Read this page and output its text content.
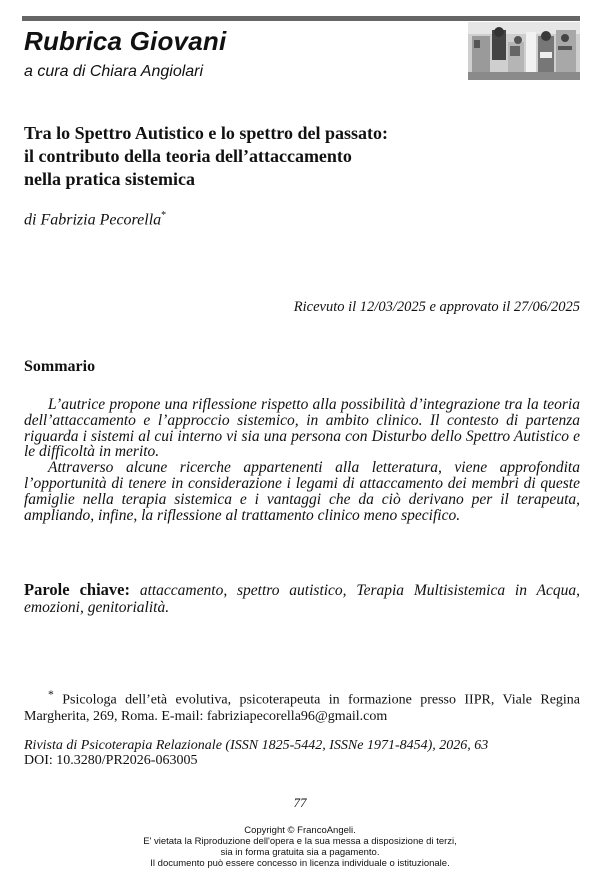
Rubrica Giovani
a cura di Chiara Angiolari
Tra lo Spettro Autistico e lo spettro del passato:
il contributo della teoria dell’attaccamento
nella pratica sistemica
di Fabrizia Pecorella*
Ricevuto il 12/03/2025 e approvato il 27/06/2025
Sommario

L’autrice propone una riflessione rispetto alla possibilità d’integrazione tra la teoria dell’attaccamento e l’approccio sistemico, in ambito clinico. Il contesto di partenza riguarda i sistemi al cui interno vi sia una persona con Disturbo dello Spettro Autistico e le difficoltà in merito.

Attraverso alcune ricerche appartenenti alla letteratura, viene approfondita l’opportunità di tenere in considerazione i legami di attaccamento dei membri di queste famiglie nella terapia sistemica e i vantaggi che da ciò derivano per il terapeuta, ampliando, infine, la riflessione al trattamento clinico meno specifico.

Parole chiave: attaccamento, spettro autistico, Terapia Multisistemica in Acqua, emozioni, genitorialità.

* Psicologa dell’età evolutiva, psicoterapeuta in formazione presso IIPR, Viale Regina Margherita, 269, Roma. E-mail: fabriziapecorella96@gmail.com

Rivista di Psicoterapia Relazionale (ISSN 1825-5442, ISSNe 1971-8454), 2026, 63
DOI: 10.3280/PR2026-063005
77
Copyright © FrancoAngeli.
E' vietata la Riproduzione dell'opera e la sua messa a disposizione di terzi,
sia in forma gratuita sia a pagamento.
Il documento può essere concesso in licenza individuale o istituzionale.
